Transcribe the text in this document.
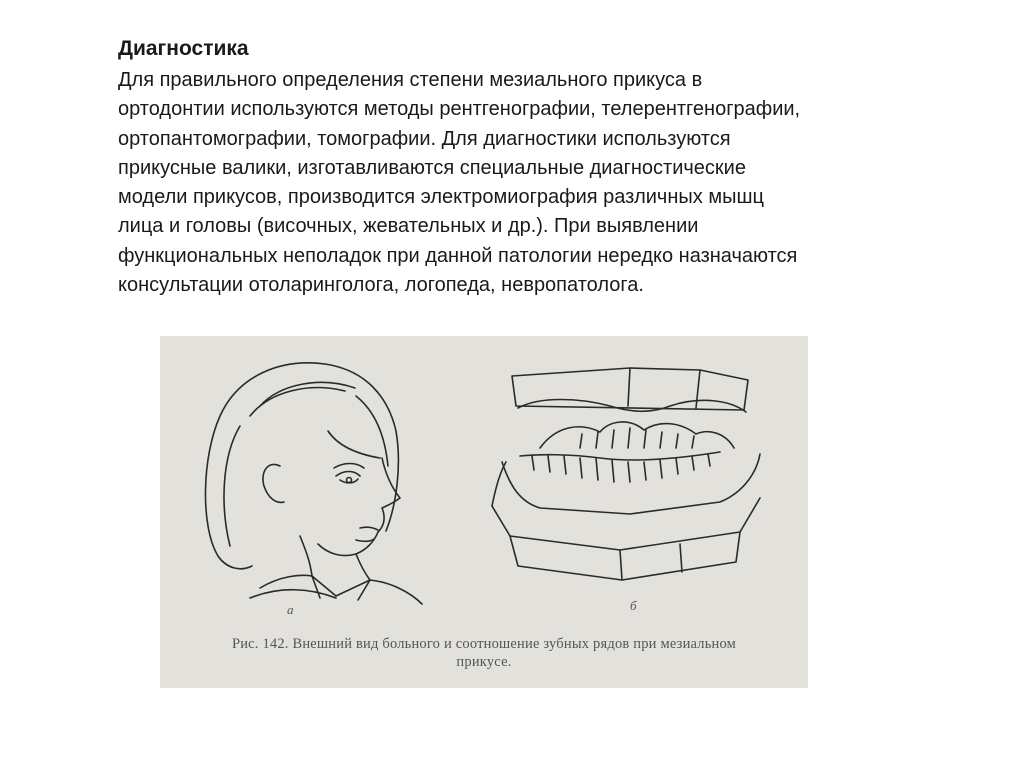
Диагностика
Для правильного определения степени мезиального прикуса в
ортодонтии используются методы рентгенографии, телерентгенографии,
ортопантомографии, томографии. Для диагностики используются
прикусные валики, изготавливаются специальные диагностические
модели прикусов, производится электромиография различных мышц
лица и головы (височных, жевательных и др.). При выявлении
функциональных неполадок при данной патологии нередко назначаются
консультации отоларинголога, логопеда, невропатолога.
а	б
Рис. 142. Внешний вид больного и соотношение зубных рядов при мезиальном
прикусе.
